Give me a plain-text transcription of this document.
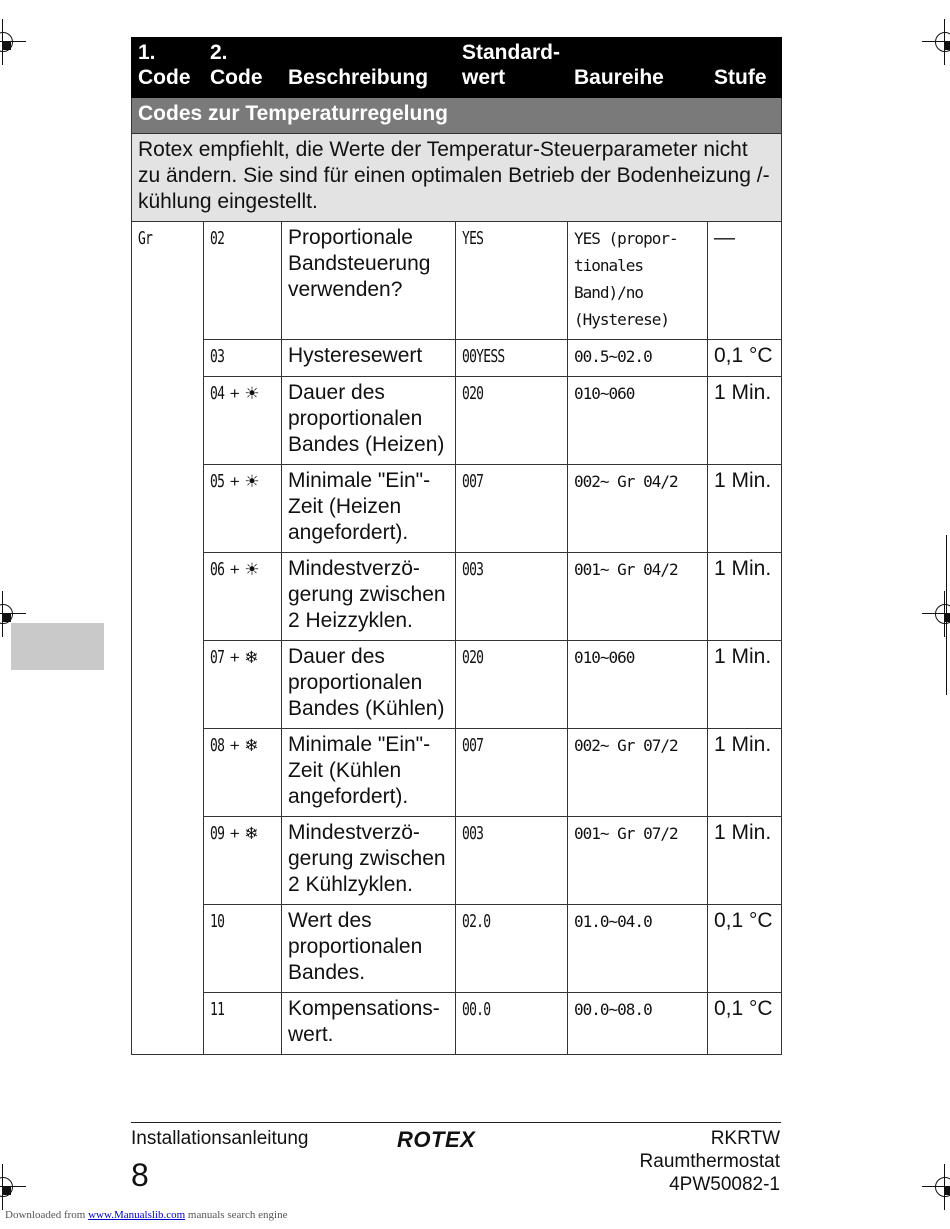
1. Code	2. Code	Beschreibung	Standard-wert	Baureihe	Stufe
Codes zur Temperaturregelung					
Rotex empfiehlt, die Werte der Temperatur-Steuerparameter nicht zu ändern. Sie sind für einen optimalen Betrieb der Bodenheizung /-kühlung eingestellt.					
Gr	02	Proportionale Bandsteuerung verwenden?	YES	YES (propor-tionales Band)/no (Hysterese)	—
	03	Hysteresewert	00YESS	00.5~02.0	0,1 °C
	04 + ☀	Dauer des proportionalen Bandes (Heizen)	020	010~060	1 Min.
	05 + ☀	Minimale "Ein"-Zeit (Heizen angefordert).	007	002~ Gr 04/2	1 Min.
	06 + ☀	Mindestverzö-gerung zwischen 2 Heizzyklen.	003	001~ Gr 04/2	1 Min.
	07 + ❄	Dauer des proportionalen Bandes (Kühlen)	020	010~060	1 Min.
	08 + ❄	Minimale "Ein"-Zeit (Kühlen angefordert).	007	002~ Gr 07/2	1 Min.
	09 + ❄	Mindestverzö-gerung zwischen 2 Kühlzyklen.	003	001~ Gr 07/2	1 Min.
	10	Wert des proportionalen Bandes.	02.0	01.0~04.0	0,1 °C
	11	Kompensations-wert.	00.0	00.0~08.0	0,1 °C
Installationsanleitung
8
ROTEX	RKRTW
Raumthermostat
4PW50082-1
Downloaded from www.Manualslib.com manuals search engine
